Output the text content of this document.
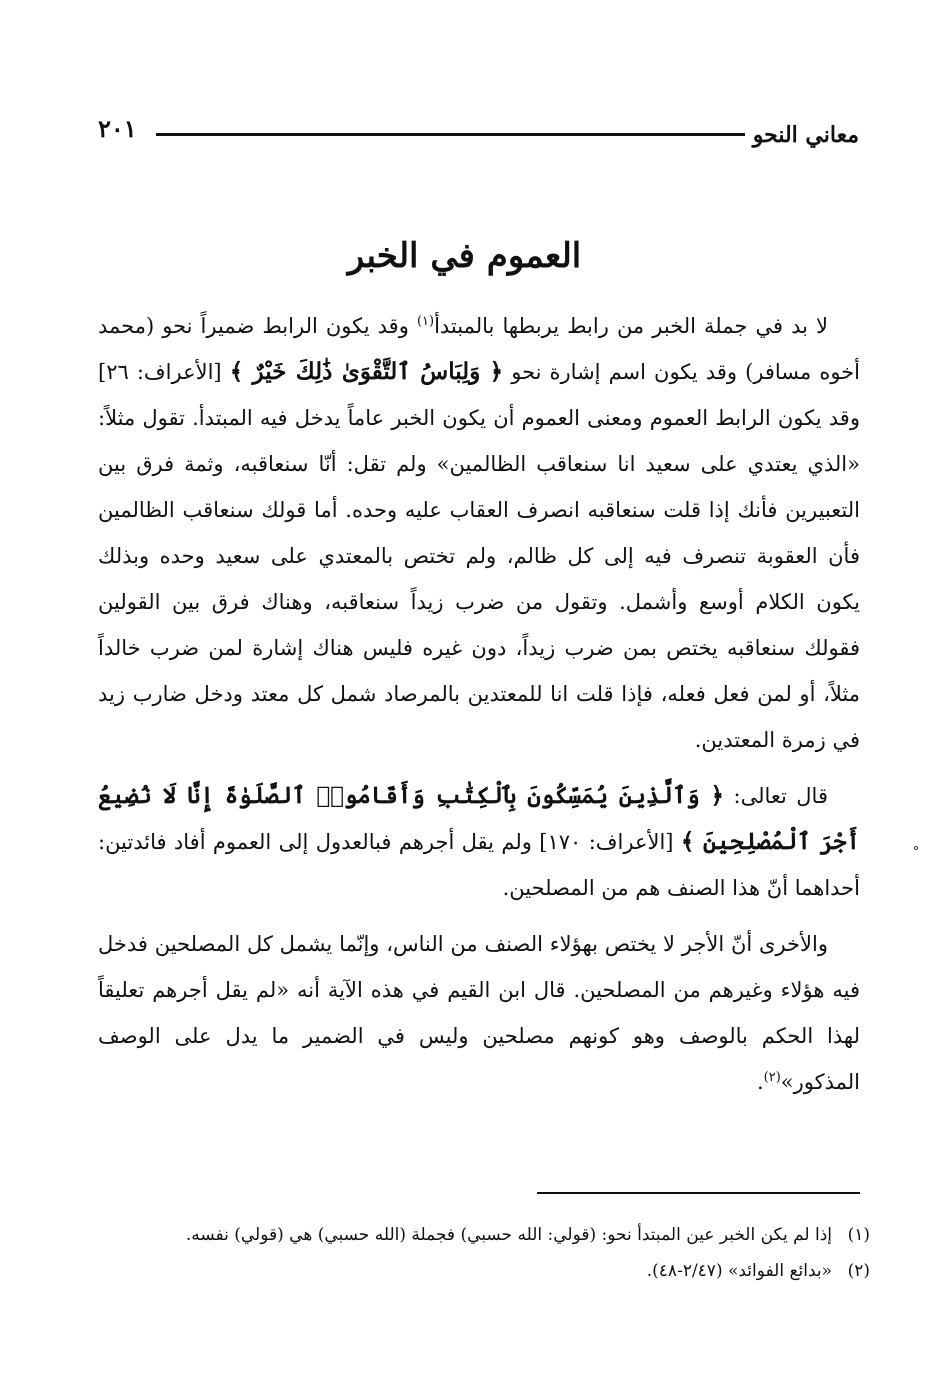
معاني النحو
٢٠١
العموم في الخبر

لا بد في جملة الخبر من رابط يربطها بالمبتدأ$^{(١)}$ وقد يكون الرابط ضميراً نحو (محمد أخوه مسافر) وقد يكون اسم إشارة نحو ﴿ وَلِبَاسُ ٱلتَّقْوَىٰ ذَٰلِكَ خَيْرٌ ﴾ [الأعراف: ٢٦] وقد يكون الرابط العموم ومعنى العموم أن يكون الخبر عاماً يدخل فيه المبتدأ. تقول مثلاً: «الذي يعتدي على سعيد انا سنعاقب الظالمين» ولم تقل: أنّا سنعاقبه، وثمة فرق بين التعبيرين فأنك إذا قلت سنعاقبه انصرف العقاب عليه وحده. أما قولك سنعاقب الظالمين فأن العقوبة تنصرف فيه إلى كل ظالم، ولم تختص بالمعتدي على سعيد وحده وبذلك يكون الكلام أوسع وأشمل. وتقول من ضرب زيداً سنعاقبه، وهناك فرق بين القولين فقولك سنعاقبه يختص بمن ضرب زيداً، دون غيره فليس هناك إشارة لمن ضرب خالداً مثلاً، أو لمن فعل فعله، فإذا قلت انا للمعتدين بالمرصاد شمل كل معتد ودخل ضارب زيد في زمرة المعتدين.

قال تعالى: ﴿ وَٱلَّذِينَ يُمَسِّكُونَ بِٱلْكِتَٰبِ وَأَقَامُوا۟ ٱلصَّلَوٰةَ إِنَّا لَا نُضِيعُ أَجْرَ ٱلْمُصْلِحِينَ ﴾ [الأعراف: ١٧٠] ولم يقل أجرهم فبالعدول إلى العموم أفاد فائدتين: أحداهما أنّ هذا الصنف هم من المصلحين.

والأخرى أنّ الأجر لا يختص بهؤلاء الصنف من الناس، وإنّما يشمل كل المصلحين فدخل فيه هؤلاء وغيرهم من المصلحين. قال ابن القيم في هذه الآية أنه «لم يقل أجرهم تعليقاً لهذا الحكم بالوصف وهو كونهم مصلحين وليس في الضمير ما يدل على الوصف المذكور»$^{(٢)}$.

(١)
إذا لم يكن الخبر عين المبتدأ نحو: (قولي: الله حسبي) فجملة (الله حسبي) هي (قولي) نفسه.
(٢)
«بدائع الفوائد» (٢/٤٧-٤٨).
